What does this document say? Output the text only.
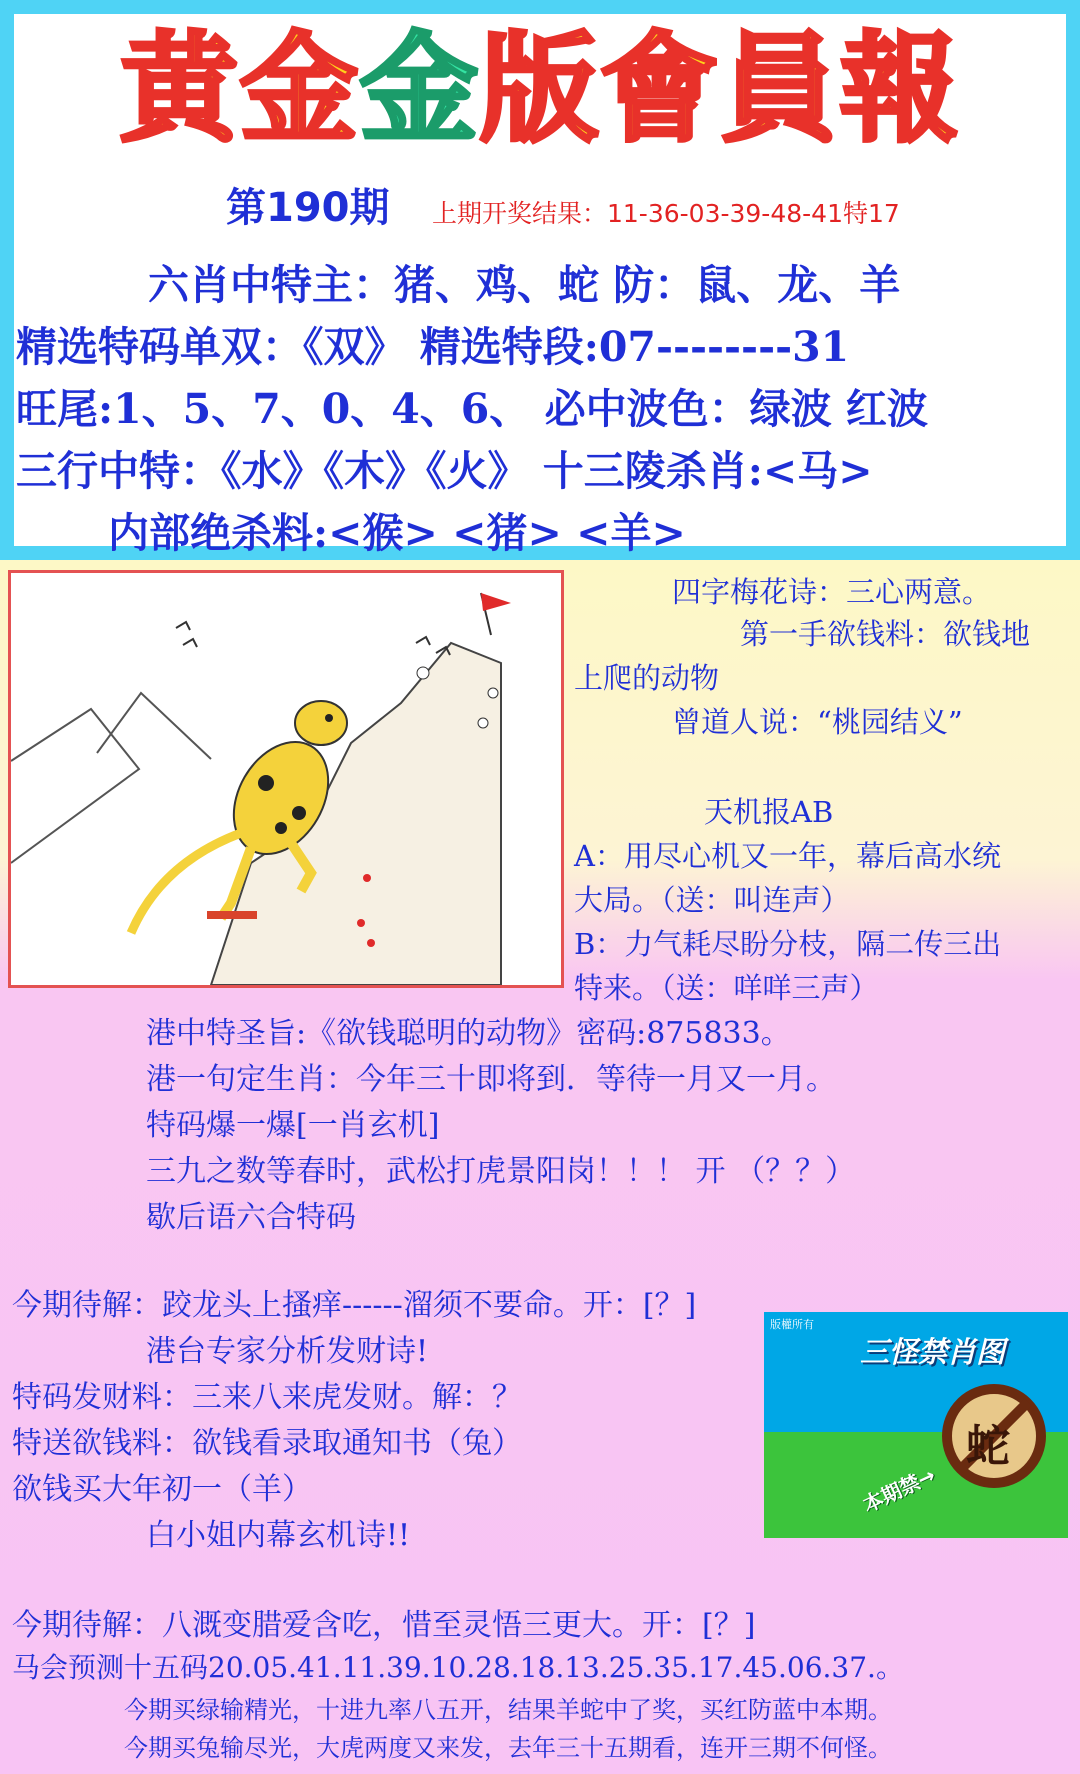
黄金金版會員報
第190期 上期开奖结果：11-36-03-39-48-41特17
六肖中特主：猪、鸡、蛇 防：鼠、龙、羊
精选特码单双：《双》 精选特段:07--------31
旺尾:1、5、7、0、4、6、 必中波色：绿波 红波
三行中特：《水》《木》《火》 十三陵杀肖:<马>
内部绝杀料:<猴> <猪> <羊>
四字梅花诗：三心两意。
第一手欲钱料：欲钱地
上爬的动物
曾道人说：“桃园结义”
天机报AB
A：用尽心机又一年，幕后高水统
大局。（送：叫连声）
B：力气耗尽盼分枝，隔二传三出
特来。（送：咩咩三声）
港中特圣旨:《欲钱聪明的动物》密码:875833。
港一句定生肖：今年三十即将到．等待一月又一月。
特码爆一爆[一肖玄机]
三九之数等春时，武松打虎景阳岗！！！ 开 （？？）
歇后语六合特码
今期待解：跤龙头上搔痒------溜须不要命。开：[？]
港台专家分析发财诗!
特码发财料：三来八来虎发财。解：？
特送欲钱料：欲钱看录取通知书（兔）
欲钱买大年初一（羊）
白小姐内幕玄机诗!!
今期待解：八溉变腊爱含吃，惜至灵悟三更大。开：[？]
马会预测十五码20.05.41.11.39.10.28.18.13.25.35.17.45.06.37.。
今期买绿输精光，十进九率八五开，结果羊蛇中了奖，买红防蓝中本期。
今期买兔输尽光，大虎两度又来发，去年三十五期看，连开三期不何怪。
版權所有
三怪禁肖图
蛇
本期禁→
